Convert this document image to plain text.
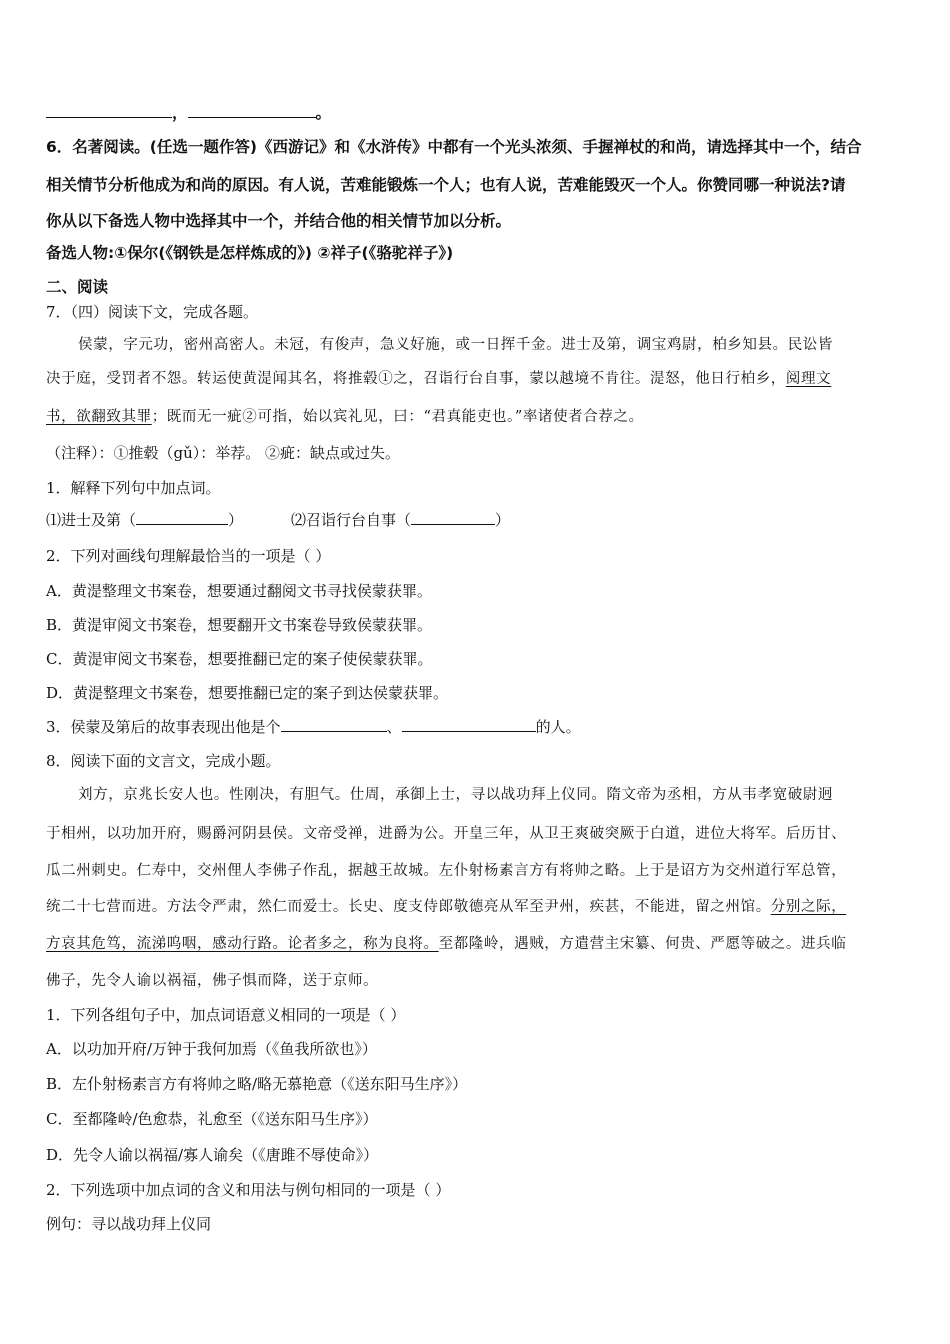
，	。
6．名著阅读。(任选一题作答)《西游记》和《水浒传》中都有一个光头浓须、手握禅杖的和尚，请选择其中一个，结合
相关情节分析他成为和尚的原因。有人说，苦难能锻炼一个人；也有人说，苦难能毁灭一个人。你赞同哪一种说法?请
你从以下备选人物中选择其中一个，并结合他的相关情节加以分析。
备选人物:①保尔(《钢铁是怎样炼成的》) ②祥子(《骆驼祥子》)
二、阅读
7．（四）阅读下文，完成各题。
侯蒙，字元功，密州高密人。未冠，有俊声，急义好施，或一日挥千金。进士及第，调宝鸡尉，柏乡知县。民讼皆
决于庭，受罚者不怨。转运使黄湜闻其名，将推毂①之，召诣行台自事，蒙以越境不肯往。湜怒，他日行柏乡，阅理文
书，欲翻致其罪；既而无一疵②可指，始以宾礼见，曰：“君真能吏也。”率诸使者合荐之。
（注释）：①推毂（gǔ）：举荐。 ②疵：缺点或过失。
1．解释下列句中加点词。
⑴进士及第（	）	⑵召诣行台自事（	）
2．下列对画线句理解最恰当的一项是（ ）
A．黄湜整理文书案卷，想要通过翻阅文书寻找侯蒙获罪。
B．黄湜审阅文书案卷，想要翻开文书案卷导致侯蒙获罪。
C．黄湜审阅文书案卷，想要推翻已定的案子使侯蒙获罪。
D．黄湜整理文书案卷，想要推翻已定的案子到达侯蒙获罪。
3．侯蒙及第后的故事表现出他是个	、	的人。
8．阅读下面的文言文，完成小题。
刘方，京兆长安人也。性刚决，有胆气。仕周，承御上士，寻以战功拜上仪同。隋文帝为丞相，方从韦孝宽破尉迥
于相州，以功加开府，赐爵河阴县侯。文帝受禅，进爵为公。开皇三年，从卫王爽破突厥于白道，进位大将军。后历甘、
瓜二州刺史。仁寿中，交州俚人李佛子作乱，据越王故城。左仆射杨素言方有将帅之略。上于是诏方为交州道行军总管，
统二十七营而进。方法令严肃，然仁而爱士。长史、度支侍郎敬德亮从军至尹州，疾甚，不能进，留之州馆。分别之际，
方哀其危笃，流涕呜咽，感动行路。论者多之，称为良将。至都隆岭，遇贼，方遣营主宋纂、何贵、严愿等破之。进兵临
佛子，先令人谕以祸福，佛子惧而降，送于京师。
1．下列各组句子中，加点词语意义相同的一项是（ ）
A．以功加开府/万钟于我何加焉（《鱼我所欲也》）
B．左仆射杨素言方有将帅之略/略无慕艳意（《送东阳马生序》）
C．至都隆岭/色愈恭，礼愈至（《送东阳马生序》）
D．先令人谕以祸福/寡人谕矣（《唐雎不辱使命》）
2．下列选项中加点词的含义和用法与例句相同的一项是（ ）
例句：寻以战功拜上仪同
